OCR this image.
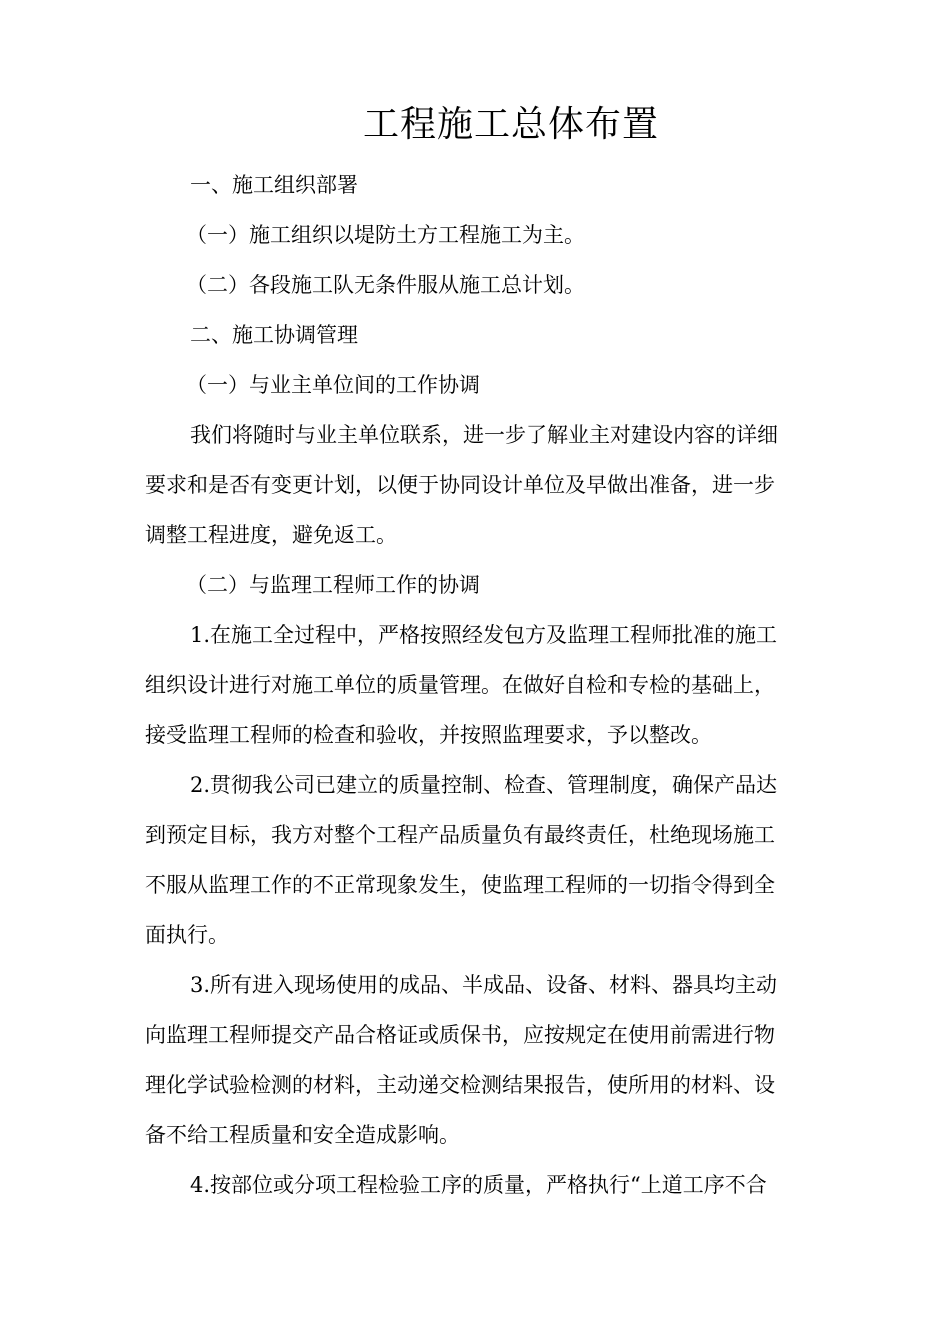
工程施工总体布置

一、施工组织部署

（一）施工组织以堤防土方工程施工为主。

（二）各段施工队无条件服从施工总计划。

二、施工协调管理

（一）与业主单位间的工作协调

我们将随时与业主单位联系，进一步了解业主对建设内容的详细

要求和是否有变更计划，以便于协同设计单位及早做出准备，进一步

调整工程进度，避免返工。

（二）与监理工程师工作的协调

1.在施工全过程中，严格按照经发包方及监理工程师批准的施工

组织设计进行对施工单位的质量管理。在做好自检和专检的基础上，

接受监理工程师的检查和验收，并按照监理要求，予以整改。

2.贯彻我公司已建立的质量控制、检查、管理制度，确保产品达

到预定目标，我方对整个工程产品质量负有最终责任，杜绝现场施工

不服从监理工作的不正常现象发生，使监理工程师的一切指令得到全

面执行。

3.所有进入现场使用的成品、半成品、设备、材料、器具均主动

向监理工程师提交产品合格证或质保书，应按规定在使用前需进行物

理化学试验检测的材料，主动递交检测结果报告，使所用的材料、设

备不给工程质量和安全造成影响。

4.按部位或分项工程检验工序的质量，严格执行“上道工序不合
